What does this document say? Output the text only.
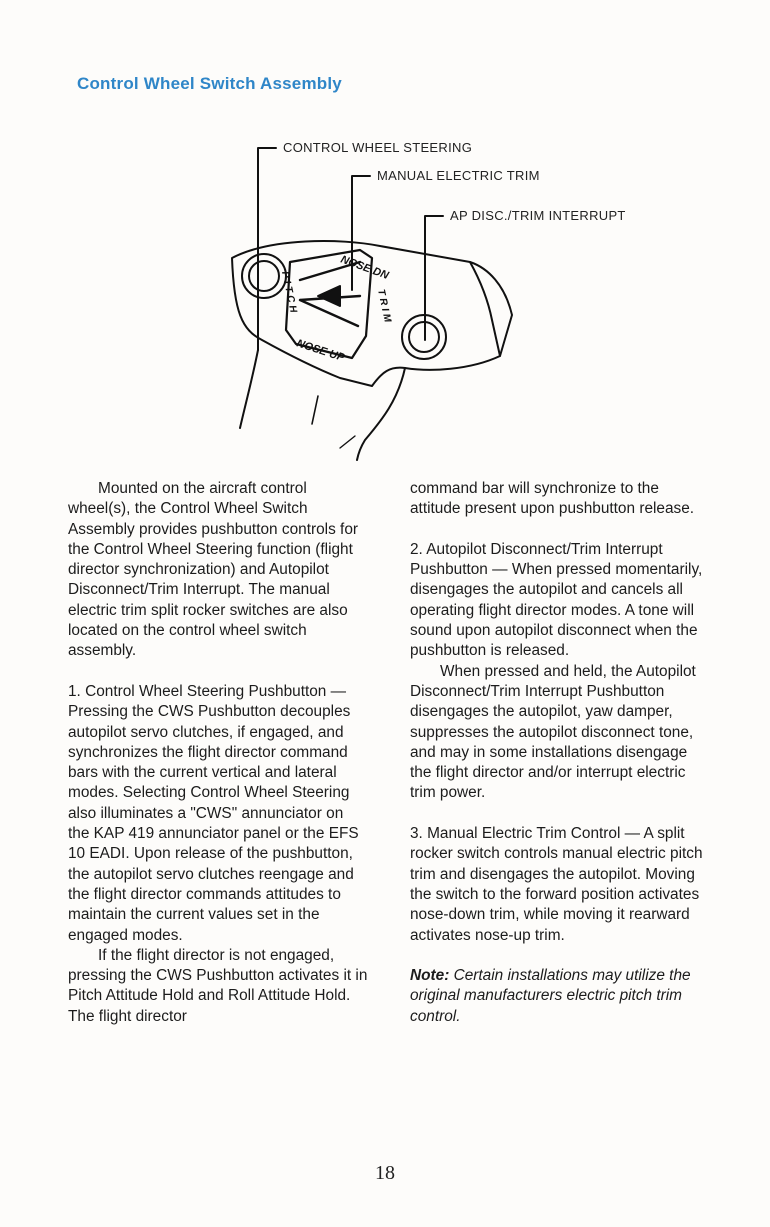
Control Wheel Switch Assembly
NOSE DN
NOSE UP
PITCH	TRIM
CONTROL WHEEL STEERING
MANUAL ELECTRIC TRIM
AP DISC./TRIM INTERRUPT

Mounted on the aircraft control wheel(s), the Control Wheel Switch Assembly provides pushbutton controls for the Control Wheel Steering function (flight director synchronization) and Autopilot Disconnect/Trim Interrupt. The manual electric trim split rocker switches are also located on the control wheel switch assembly.

1. Control Wheel Steering Pushbutton — Pressing the CWS Pushbutton decouples autopilot servo clutches, if engaged, and synchronizes the flight director command bars with the current vertical and lateral modes. Selecting Control Wheel Steering also illuminates a "CWS" annunciator on the KAP 419 annunciator panel or the EFS 10 EADI. Upon release of the pushbutton, the autopilot servo clutches reengage and the flight director commands attitudes to maintain the current values set in the engaged modes.

If the flight director is not engaged, pressing the CWS Pushbutton activates it in Pitch Attitude Hold and Roll Attitude Hold. The flight director

command bar will synchronize to the attitude present upon pushbutton release.

2. Autopilot Disconnect/Trim Interrupt Pushbutton — When pressed momentarily, disengages the autopilot and cancels all operating flight director modes. A tone will sound upon autopilot disconnect when the pushbutton is released.

When pressed and held, the Autopilot Disconnect/Trim Interrupt Pushbutton disengages the autopilot, yaw damper, suppresses the autopilot disconnect tone, and may in some installations disengage the flight director and/or interrupt electric trim power.

3. Manual Electric Trim Control — A split rocker switch controls manual electric pitch trim and disengages the autopilot. Moving the switch to the forward position activates nose-down trim, while moving it rearward activates nose-up trim.

Note: Certain installations may utilize the original manufacturers electric pitch trim control.

18
